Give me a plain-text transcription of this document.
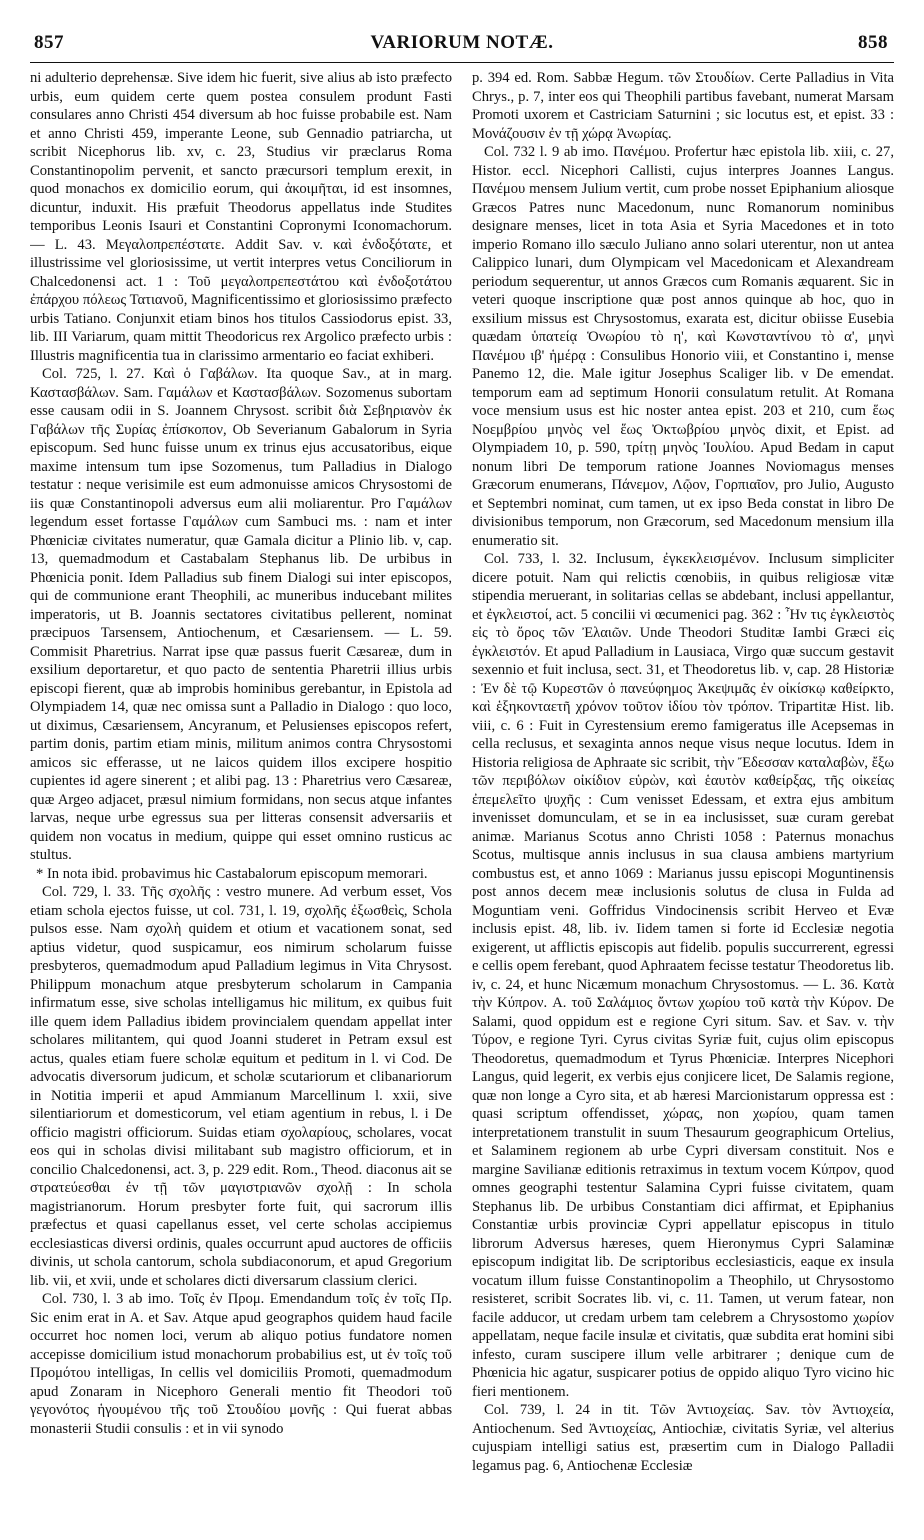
857	VARIORUM NOTÆ.	858

ni adulterio deprehensæ. Sive idem hic fuerit, sive alius ab isto præfecto urbis, eum quidem certe quem postea consulem produnt Fasti consulares anno Christi 454 diversum ab hoc fuisse probabile est. Nam et anno Christi 459, imperante Leone, sub Gennadio patriarcha, ut scribit Nicephorus lib. xv, c. 23, Studius vir præclarus Roma Constantinopolim pervenit, et sancto præcursori templum erexit, in quod monachos ex domicilio eorum, qui ἀκοιμῆται, id est insomnes, dicuntur, induxit. His præfuit Theodorus appellatus inde Studites temporibus Leonis Isauri et Constantini Copronymi Iconomachorum. — L. 43. Μεγαλοπρεπέστατε. Addit Sav. v. καὶ ἐνδοξότατε, et illustrissime vel gloriosissime, ut vertit interpres vetus Conciliorum in Chalcedonensi act. 1 : Τοῦ μεγαλοπρεπεστάτου καὶ ἐνδοξοτάτου ἐπάρχου πόλεως Τατιανοῦ, Magnificentissimo et gloriosissimo præfecto urbis Tatiano. Conjunxit etiam binos hos titulos Cassiodorus epist. 33, lib. III Variarum, quam mittit Theodoricus rex Argolico præfecto urbis : Illustris magnificentia tua in clarissimo armentario eo faciat exhiberi.

Col. 725, l. 27. Καὶ ὁ Γαβάλων. Ita quoque Sav., at in marg. Καστασβάλων. Sam. Γαμάλων et Καστασβάλων. Sozomenus subortam esse causam odii in S. Joannem Chrysost. scribit διὰ Σεβηριανὸν ἐκ Γαβάλων τῆς Συρίας ἐπίσκοπον, Ob Severianum Gabalorum in Syria episcopum. Sed hunc fuisse unum ex trinus ejus accusatoribus, eique maxime intensum tum ipse Sozomenus, tum Palladius in Dialogo testatur : neque verisimile est eum admonuisse amicos Chrysostomi de iis quæ Constantinopoli adversus eum alii moliarentur. Pro Γαμάλων legendum esset fortasse Γαμάλων cum Sambuci ms. : nam et inter Phœniciæ civitates numeratur, quæ Gamala dicitur a Plinio lib. v, cap. 13, quemadmodum et Castabalam Stephanus lib. De urbibus in Phœnicia ponit. Idem Palladius sub finem Dialogi sui inter episcopos, qui de communione erant Theophili, ac muneribus inducebant milites imperatoris, ut B. Joannis sectatores civitatibus pellerent, nominat præcipuos Tarsensem, Antiochenum, et Cæsariensem. — L. 59. Commisit Pharetrius. Narrat ipse quæ passus fuerit Cæsareæ, dum in exsilium deportaretur, et quo pacto de sententia Pharetrii illius urbis episcopi fierent, quæ ab improbis hominibus gerebantur, in Epistola ad Olympiadem 14, quæ nec omissa sunt a Palladio in Dialogo : quo loco, ut diximus, Cæsariensem, Ancyranum, et Pelusienses episcopos refert, partim donis, partim etiam minis, militum animos contra Chrysostomi amicos sic efferasse, ut ne laicos quidem illos excipere hospitio cupientes id agere sinerent ; et alibi pag. 13 : Pharetrius vero Cæsareæ, quæ Argeo adjacet, præsul nimium formidans, non secus atque infantes larvas, neque urbe egressus sua per litteras consensit adversariis et quidem non vocatus in medium, quippe qui esset omnino rusticus ac stultus.

* In nota ibid. probavimus hic Castabalorum episcopum memorari.

Col. 729, l. 33. Τῆς σχολῆς : vestro munere. Ad verbum esset, Vos etiam schola ejectos fuisse, ut col. 731, l. 19, σχολῆς ἐξωσθεὶς, Schola pulsos esse. Nam σχολὴ quidem et otium et vacationem sonat, sed aptius videtur, quod suspicamur, eos nimirum scholarum fuisse presbyteros, quemadmodum apud Palladium legimus in Vita Chrysost. Philippum monachum atque presbyterum scholarum in Campania infirmatum esse, sive scholas intelligamus hic militum, ex quibus fuit ille quem idem Palladius ibidem provincialem quendam appellat inter scholares militantem, qui quod Joanni studeret in Petram exsul est actus, quales etiam fuere scholæ equitum et peditum in l. vi Cod. De advocatis diversorum judicum, et scholæ scutariorum et clibanariorum in Notitia imperii et apud Ammianum Marcellinum l. xxii, sive silentiariorum et domesticorum, vel etiam agentium in rebus, l. i De officio magistri officiorum. Suidas etiam σχολαρίους, scholares, vocat eos qui in scholas divisi militabant sub magistro officiorum, et in concilio Chalcedonensi, act. 3, p. 229 edit. Rom., Theod. diaconus ait se στρατεύεσθαι ἐν τῇ τῶν μαγιστριανῶν σχολῇ : In schola magistrianorum. Horum presbyter forte fuit, qui sacrorum illis præfectus et quasi capellanus esset, vel certe scholas accipiemus ecclesiasticas diversi ordinis, quales occurrunt apud auctores de officiis divinis, ut schola cantorum, schola subdiaconorum, et apud Gregorium lib. vii, et xvii, unde et scholares dicti diversarum classium clerici.

Col. 730, l. 3 ab imo. Τοῖς ἐν Προμ. Emendandum τοῖς ἐν τοῖς Πρ. Sic enim erat in A. et Sav. Atque apud geographos quidem haud facile occurret hoc nomen loci, verum ab aliquo potius fundatore nomen accepisse domicilium istud monachorum probabilius est, ut ἐν τοῖς τοῦ Προμότου intelligas, In cellis vel domiciliis Promoti, quemadmodum apud Zonaram in Nicephoro Generali mentio fit Theodori τοῦ γεγονότος ἡγουμένου τῆς τοῦ Στουδίου μονῆς : Qui fuerat abbas monasterii Studii consulis : et in vii synodo

p. 394 ed. Rom. Sabbæ Hegum. τῶν Στουδίων. Certe Palladius in Vita Chrys., p. 7, inter eos qui Theophili partibus favebant, numerat Marsam Promoti uxorem et Castriciam Saturnini ; sic locutus est, et epist. 33 : Μονάζουσιν ἐν τῇ χώρᾳ Ἀνωρίας.

Col. 732 l. 9 ab imo. Πανέμου. Profertur hæc epistola lib. xiii, c. 27, Histor. eccl. Nicephori Callisti, cujus interpres Joannes Langus. Πανέμου mensem Julium vertit, cum probe nosset Epiphanium aliosque Græcos Patres nunc Macedonum, nunc Romanorum nominibus designare menses, licet in tota Asia et Syria Macedones et in toto imperio Romano illo sæculo Juliano anno solari uterentur, non ut antea Calippico lunari, dum Olympicam vel Macedonicam et Alexandream periodum sequerentur, ut annos Græcos cum Romanis æquarent. Sic in veteri quoque inscriptione quæ post annos quinque ab hoc, quo in exsilium missus est Chrysostomus, exarata est, dicitur obiisse Eusebia quædam ὑπατείᾳ Ὁνωρίου τὸ η', καὶ Κωνσταντίνου τὸ α', μηνὶ Πανέμου ιβ' ἡμέρᾳ : Consulibus Honorio viii, et Constantino i, mense Panemo 12, die. Male igitur Josephus Scaliger lib. v De emendat. temporum eam ad septimum Honorii consulatum retulit. At Romana voce mensium usus est hic noster antea epist. 203 et 210, cum ἕως Νοεμβρίου μηνὸς vel ἕως Ὀκτωβρίου μηνὸς dixit, et Epist. ad Olympiadem 10, p. 590, τρίτῃ μηνὸς Ἰουλίου. Apud Bedam in caput nonum libri De temporum ratione Joannes Noviomagus menses Græcorum enumerans, Πάνεμον, Λῷον, Γορπιαῖον, pro Julio, Augusto et Septembri nominat, cum tamen, ut ex ipso Beda constat in libro De divisionibus temporum, non Græcorum, sed Macedonum mensium illa enumeratio sit.

Col. 733, l. 32. Inclusum, ἐγκεκλεισμένον. Inclusum simpliciter dicere potuit. Nam qui relictis cœnobiis, in quibus religiosæ vitæ stipendia meruerant, in solitarias cellas se abdebant, inclusi appellantur, et ἐγκλειστοί, act. 5 concilii vi œcumenici pag. 362 : Ἦν τις ἐγκλειστὸς εἰς τὸ ὄρος τῶν Ἐλαιῶν. Unde Theodori Studitæ Iambi Græci εἰς ἐγκλειστόν. Et apud Palladium in Lausiaca, Virgo quæ succum gestavit sexennio et fuit inclusa, sect. 31, et Theodoretus lib. v, cap. 28 Historiæ : Ἐν δὲ τῷ Κυρεστῶν ὁ πανεύφημος Ἀκεψιμᾶς ἐν οἰκίσκῳ καθείρκτο, καὶ ἑξηκονταετῆ χρόνον τοῦτον ἰδίου τὸν τρόπον. Tripartitæ Hist. lib. viii, c. 6 : Fuit in Cyrestensium eremo famigeratus ille Acepsemas in cella reclusus, et sexaginta annos neque visus neque locutus. Idem in Historia religiosa de Aphraate sic scribit, τὴν Ἔδεσσαν καταλαβὼν, ἔξω τῶν περιβόλων οἰκίδιον εὑρὼν, καὶ ἑαυτὸν καθείρξας, τῆς οἰκείας ἐπεμελεῖτο ψυχῆς : Cum venisset Edessam, et extra ejus ambitum invenisset domunculam, et se in ea inclusisset, suæ curam gerebat animæ. Marianus Scotus anno Christi 1058 : Paternus monachus Scotus, multisque annis inclusus in sua clausa ambiens martyrium combustus est, et anno 1069 : Marianus jussu episcopi Moguntinensis post annos decem meæ inclusionis solutus de clusa in Fulda ad Moguntiam veni. Goffridus Vindocinensis scribit Herveo et Evæ inclusis epist. 48, lib. iv. Iidem tamen si forte id Ecclesiæ negotia exigerent, ut afflictis episcopis aut fidelib. populis succurrerent, egressi e cellis opem ferebant, quod Aphraatem fecisse testatur Theodoretus lib. iv, c. 24, et hunc Nicæmum monachum Chrysostomus. — L. 36. Κατὰ τὴν Κύπρον. A. τοῦ Σαλάμιος ὄντων χωρίου τοῦ κατὰ τὴν Κύρον. De Salami, quod oppidum est e regione Cyri situm. Sav. et Sav. v. τὴν Τύρον, e regione Tyri. Cyrus civitas Syriæ fuit, cujus olim episcopus Theodoretus, quemadmodum et Tyrus Phœniciæ. Interpres Nicephori Langus, quid legerit, ex verbis ejus conjicere licet, De Salamis regione, quæ non longe a Cyro sita, et ab hæresi Marcionistarum oppressa est : quasi scriptum offendisset, χώρας, non χωρίου, quam tamen interpretationem transtulit in suum Thesaurum geographicum Ortelius, et Salaminem regionem ab urbe Cypri diversam constituit. Nos e margine Savilianæ editionis retraximus in textum vocem Κύπρον, quod omnes geographi testentur Salamina Cypri fuisse civitatem, quam Stephanus lib. De urbibus Constantiam dici affirmat, et Epiphanius Constantiæ urbis provinciæ Cypri appellatur episcopus in titulo librorum Adversus hæreses, quem Hieronymus Cypri Salaminæ episcopum indigitat lib. De scriptoribus ecclesiasticis, eaque ex insula vocatum illum fuisse Constantinopolim a Theophilo, ut Chrysostomo resisteret, scribit Socrates lib. vi, c. 11. Tamen, ut verum fatear, non facile adducor, ut credam urbem tam celebrem a Chrysostomo χωρίον appellatam, neque facile insulæ et civitatis, quæ subdita erat homini sibi infesto, curam suscipere illum velle arbitrarer ; denique cum de Phœnicia hic agatur, suspicarer potius de oppido aliquo Tyro vicino hic fieri mentionem.

Col. 739, l. 24 in tit. Τῶν Ἀντιοχείας. Sav. τὸν Ἀντιοχεία, Antiochenum. Sed Ἀντιοχείας, Antiochiæ, civitatis Syriæ, vel alterius cujuspiam intelligi satius est, præsertim cum in Dialogo Palladii legamus pag. 6, Antiochenæ Ecclesiæ
